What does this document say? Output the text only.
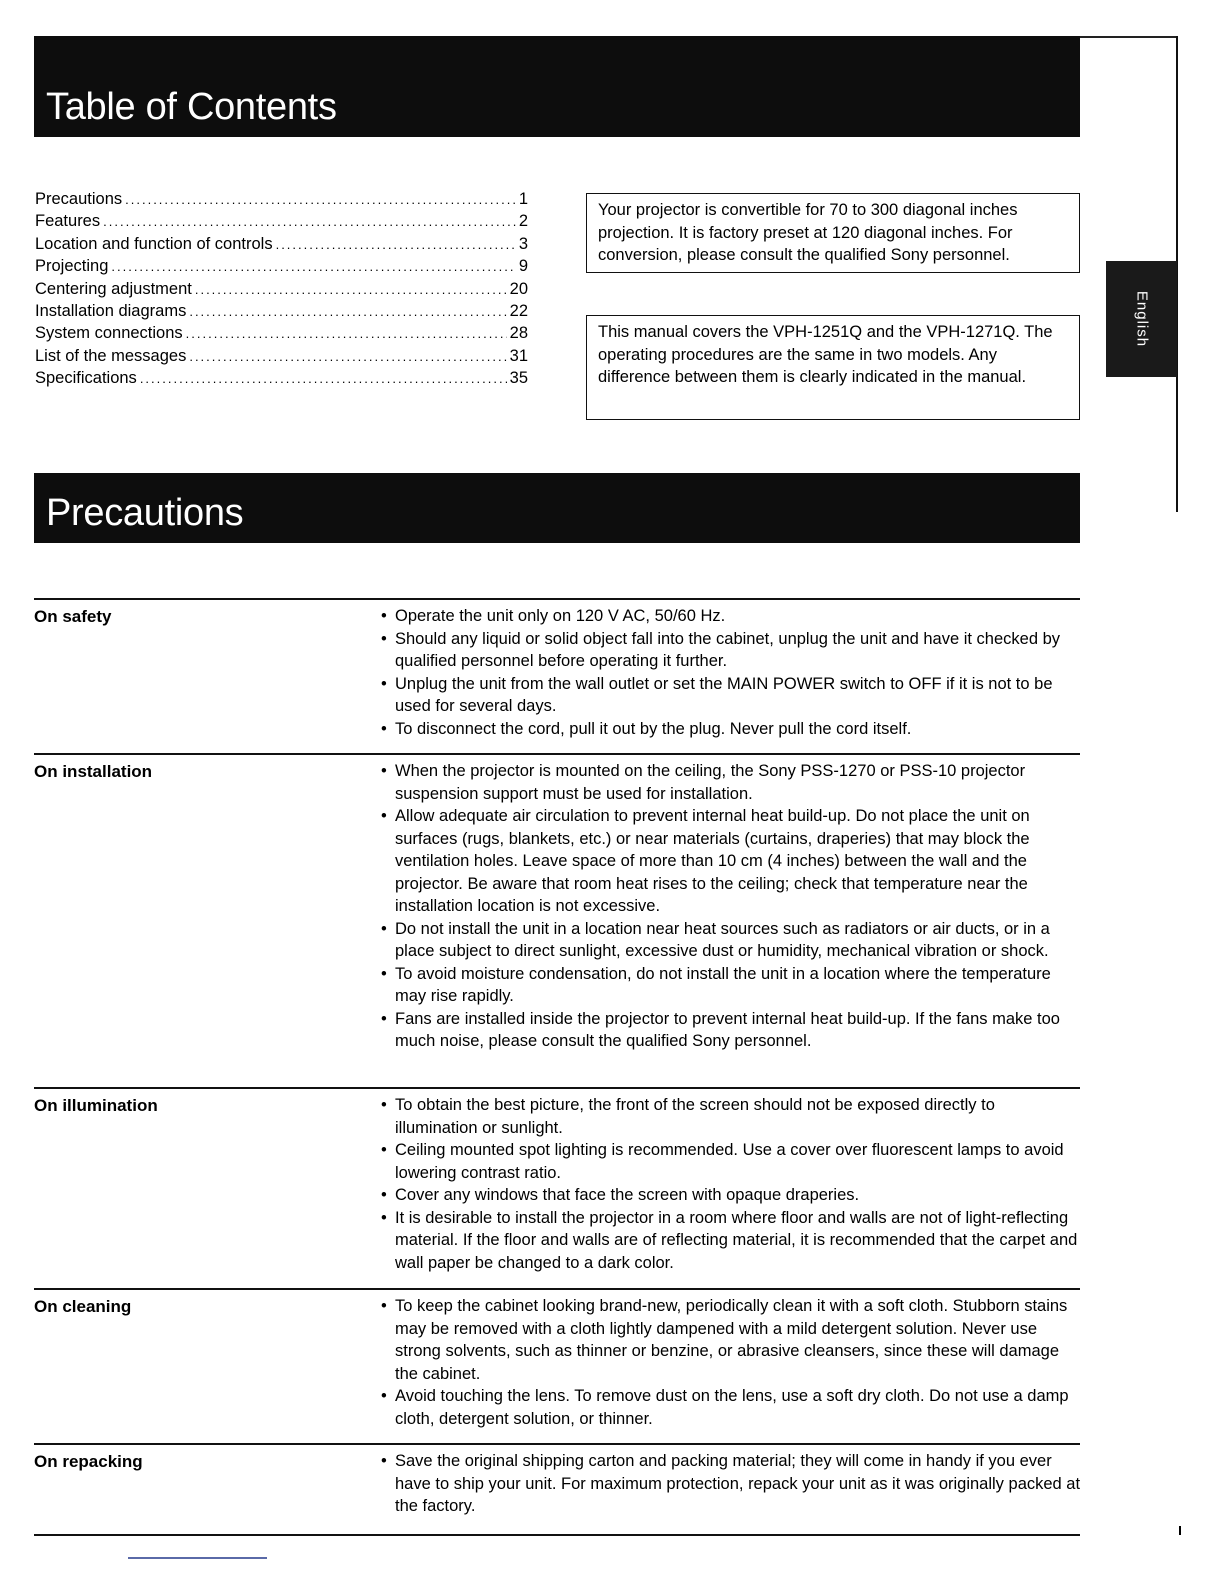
Table of Contents
English
Precautions .....	1
Features .....	2
Location and function of controls .....	3
Projecting .....	9
Centering adjustment .....	20
Installation diagrams .....	22
System connections .....	28
List of the messages .....	31
Specifications .....	35
Your projector is convertible for 70 to 300 diagonal inches projection. It is factory preset at 120 diagonal inches. For conversion, please consult the qualified Sony personnel.
This manual covers the VPH-1251Q and the VPH-1271Q. The operating procedures are the same in two models. Any difference between them is clearly indicated in the manual.
Precautions
On safety	• Operate the unit only on 120 V AC, 50/60 Hz.
• Should any liquid or solid object fall into the cabinet, unplug the unit and have it checked by qualified personnel before operating it further.
• Unplug the unit from the wall outlet or set the MAIN POWER switch to OFF if it is not to be used for several days.
• To disconnect the cord, pull it out by the plug. Never pull the cord itself.
On installation	• When the projector is mounted on the ceiling, the Sony PSS-1270 or PSS-10 projector suspension support must be used for installation.
• Allow adequate air circulation to prevent internal heat build-up. Do not place the unit on surfaces (rugs, blankets, etc.) or near materials (curtains, draperies) that may block the ventilation holes. Leave space of more than 10 cm (4 inches) between the wall and the projector. Be aware that room heat rises to the ceiling; check that temperature near the installation location is not excessive.
• Do not install the unit in a location near heat sources such as radiators or air ducts, or in a place subject to direct sunlight, excessive dust or humidity, mechanical vibration or shock.
• To avoid moisture condensation, do not install the unit in a location where the temperature may rise rapidly.
• Fans are installed inside the projector to prevent internal heat build-up. If the fans make too much noise, please consult the qualified Sony personnel.
On illumination	• To obtain the best picture, the front of the screen should not be exposed directly to illumination or sunlight.
• Ceiling mounted spot lighting is recommended. Use a cover over fluorescent lamps to avoid lowering contrast ratio.
• Cover any windows that face the screen with opaque draperies.
• It is desirable to install the projector in a room where floor and walls are not of light-reflecting material. If the floor and walls are of reflecting material, it is recommended that the carpet and wall paper be changed to a dark color.
On cleaning	• To keep the cabinet looking brand-new, periodically clean it with a soft cloth. Stubborn stains may be removed with a cloth lightly dampened with a mild detergent solution. Never use strong solvents, such as thinner or benzine, or abrasive cleansers, since these will damage the cabinet.
• Avoid touching the lens. To remove dust on the lens, use a soft dry cloth. Do not use a damp cloth, detergent solution, or thinner.
On repacking	• Save the original shipping carton and packing material; they will come in handy if you ever have to ship your unit. For maximum protection, repack your unit as it was originally packed at the factory.
